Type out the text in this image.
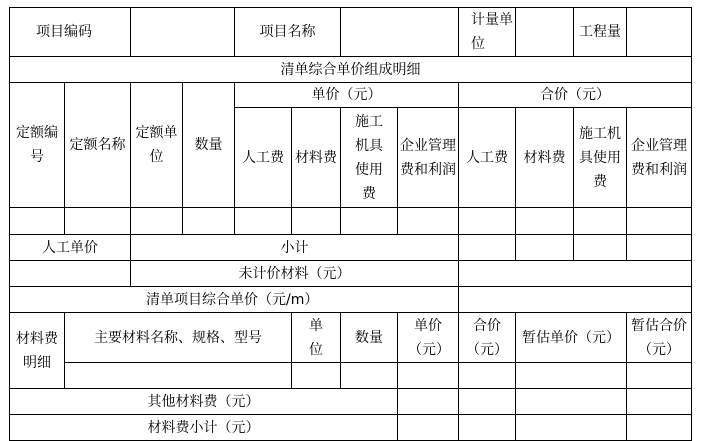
项目编码				项目名称				计量单位		工程量	
清单综合单价组成明细											
定额编号	定额名称	定额单位	数量	单价（元）				合价（元）			
				人工费	材料费	施工机具使用费	企业管理费和利润	人工费	材料费	施工机具使用费	企业管理费和利润

人工单价		小计									
		未计价材料（元）									
清单项目综合单价（元/m）											
材料费明细	主要材料名称、规格、型号				单位	数量	单价（元）	合价（元）	暂估单价（元）		暂估合价（元）

其他材料费（元）											
材料费小计（元）											
